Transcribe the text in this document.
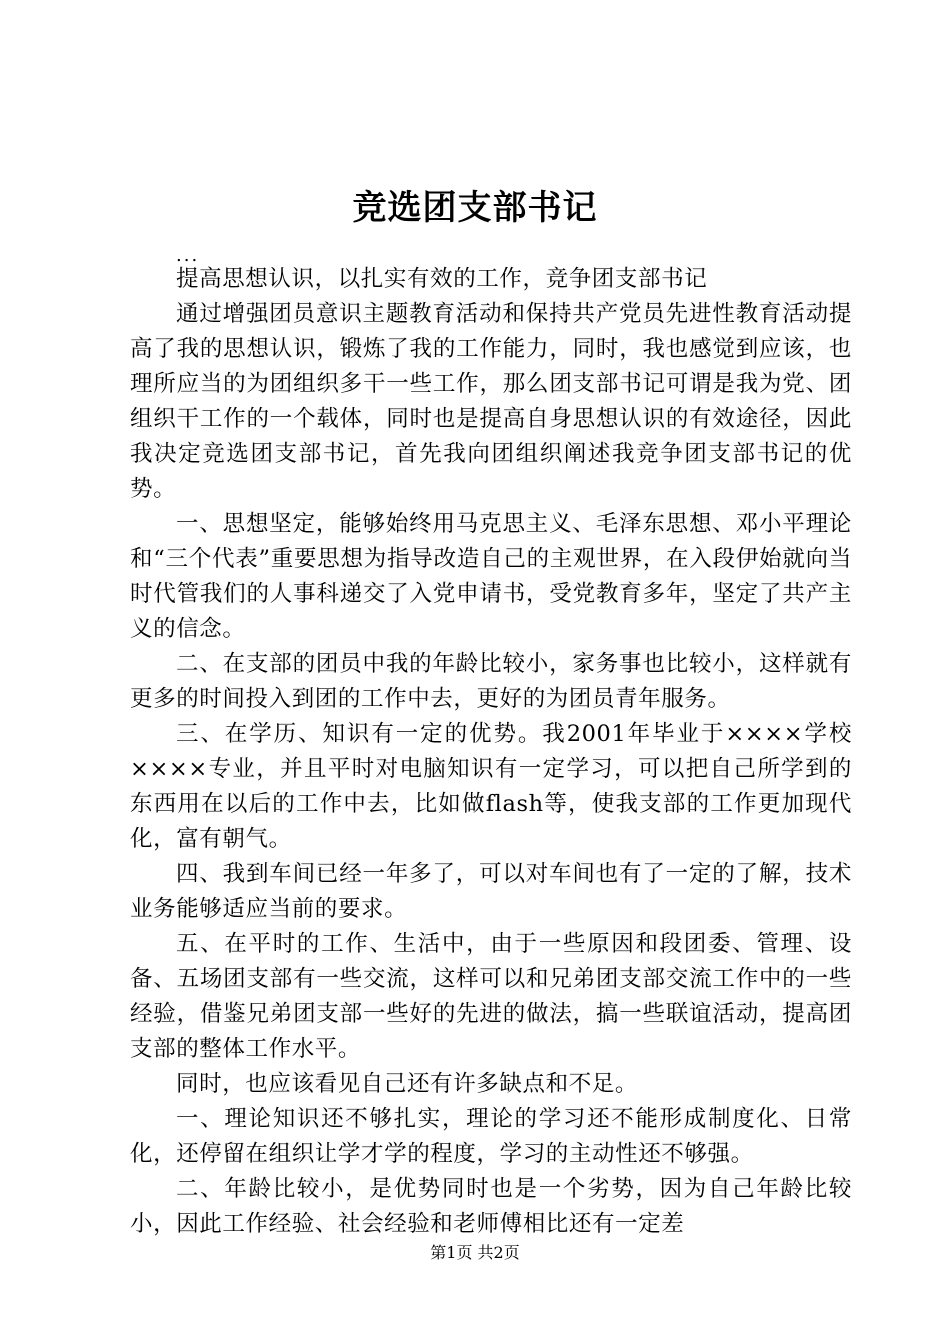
竞选团支部书记
...

提高思想认识，以扎实有效的工作，竞争团支部书记

通过增强团员意识主题教育活动和保持共产党员先进性教育活动提高了我的思想认识，锻炼了我的工作能力，同时，我也感觉到应该，也理所应当的为团组织多干一些工作，那么团支部书记可谓是我为党、团组织干工作的一个载体，同时也是提高自身思想认识的有效途径，因此我决定竞选团支部书记，首先我向团组织阐述我竞争团支部书记的优势。

一、思想坚定，能够始终用马克思主义、毛泽东思想、邓小平理论和“三个代表”重要思想为指导改造自己的主观世界，在入段伊始就向当时代管我们的人事科递交了入党申请书，受党教育多年，坚定了共产主义的信念。

二、在支部的团员中我的年龄比较小，家务事也比较小，这样就有更多的时间投入到团的工作中去，更好的为团员青年服务。

三、在学历、知识有一定的优势。我2001年毕业于××××学校××××专业，并且平时对电脑知识有一定学习，可以把自己所学到的东西用在以后的工作中去，比如做flash等，使我支部的工作更加现代化，富有朝气。

四、我到车间已经一年多了，可以对车间也有了一定的了解，技术业务能够适应当前的要求。

五、在平时的工作、生活中，由于一些原因和段团委、管理、设备、五场团支部有一些交流，这样可以和兄弟团支部交流工作中的一些经验，借鉴兄弟团支部一些好的先进的做法，搞一些联谊活动，提高团支部的整体工作水平。

同时，也应该看见自己还有许多缺点和不足。

一、理论知识还不够扎实，理论的学习还不能形成制度化、日常化，还停留在组织让学才学的程度，学习的主动性还不够强。

二、年龄比较小，是优势同时也是一个劣势，因为自己年龄比较小，因此工作经验、社会经验和老师傅相比还有一定差

第1页 共2页
